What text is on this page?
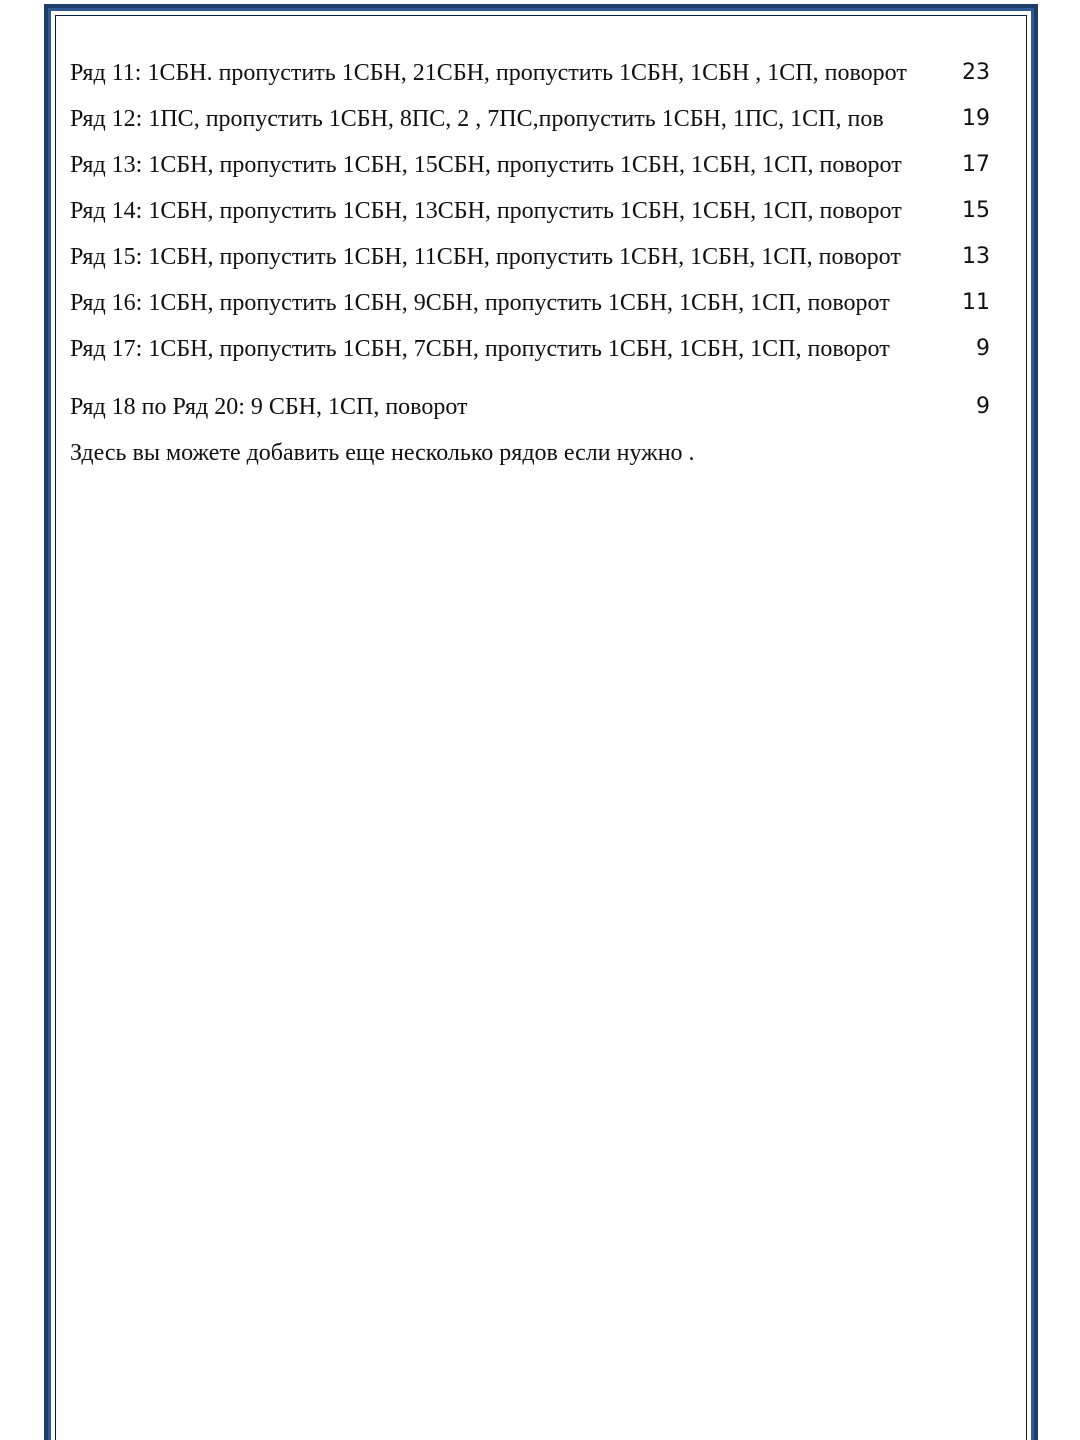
Ряд 11: 1СБН. пропустить 1СБН, 21СБН, пропустить 1СБН, 1СБН , 1СП, поворот	23
Ряд 12: 1ПС, пропустить 1СБН, 8ПС, 2 , 7ПС,пропустить 1СБН, 1ПС, 1СП, пов	19
Ряд 13: 1СБН, пропустить 1СБН, 15СБН, пропустить 1СБН, 1СБН, 1СП, поворот	17
Ряд 14: 1СБН, пропустить 1СБН, 13СБН, пропустить 1СБН, 1СБН, 1СП, поворот	15
Ряд 15: 1СБН, пропустить 1СБН, 11СБН, пропустить 1СБН, 1СБН, 1СП, поворот	13
Ряд 16: 1СБН, пропустить 1СБН, 9СБН, пропустить 1СБН, 1СБН, 1СП, поворот	11
Ряд 17: 1СБН, пропустить 1СБН, 7СБН, пропустить 1СБН, 1СБН, 1СП, поворот	9
Ряд 18 по Ряд 20: 9 СБН, 1СП, поворот	9
Здесь вы можете добавить еще несколько рядов если нужно .
